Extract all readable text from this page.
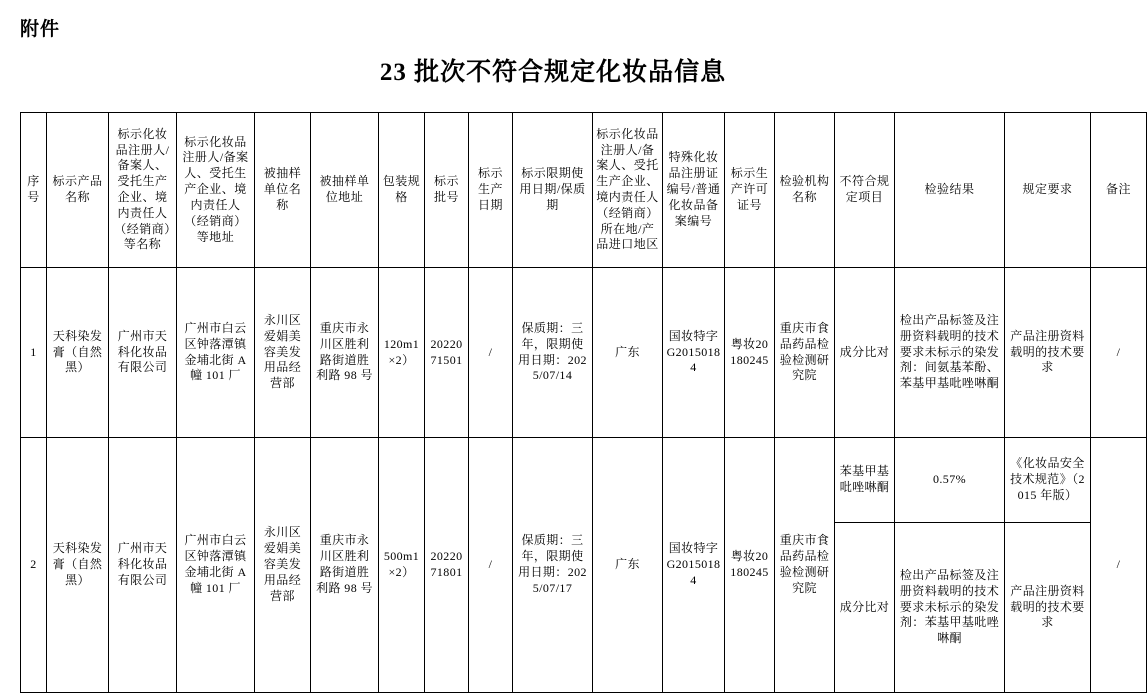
附件
23 批次不符合规定化妆品信息
序号	标示产品名称	标示化妆品注册人/备案人、受托生产企业、境内责任人（经销商）等名称	标示化妆品注册人/备案人、受托生产企业、境内责任人（经销商）等地址	被抽样单位名称	被抽样单位地址	包装规格	标示批号	标示生产日期	标示限期使用日期/保质期	标示化妆品注册人/备案人、受托生产企业、境内责任人（经销商）所在地/产品进口地区	特殊化妆品注册证编号/普通化妆品备案编号	标示生产许可证号	检验机构名称	不符合规定项目	检验结果	规定要求	备注
1	天科染发膏（自然黑）	广州市天科化妆品有限公司	广州市白云区钟落潭镇金埔北街 A 幢 101 厂	永川区爱娟美容美发用品经营部	重庆市永川区胜利路街道胜利路 98 号	120m1×2）	2022071501	/	保质期：三年，限期使用日期：2025/07/14	广东	国妆特字 G20150184	粤妆20180245	重庆市食品药品检验检测研究院	成分比对	检出产品标签及注册资料载明的技术要求未标示的染发剂：间氨基苯酚、苯基甲基吡唑啉酮	产品注册资料载明的技术要求	/
2	天科染发膏（自然黑）	广州市天科化妆品有限公司	广州市白云区钟落潭镇金埔北街 A 幢 101 厂	永川区爱娟美容美发用品经营部	重庆市永川区胜利路街道胜利路 98 号	500m1×2）	2022071801	/	保质期：三年，限期使用日期：2025/07/17	广东	国妆特字 G20150184	粤妆20180245	重庆市食品药品检验检测研究院	苯基甲基吡唑啉酮	0.57%	《化妆品安全技术规范》（2015 年版）	/
														成分比对	检出产品标签及注册资料载明的技术要求未标示的染发剂：苯基甲基吡唑啉酮	产品注册资料载明的技术要求	
